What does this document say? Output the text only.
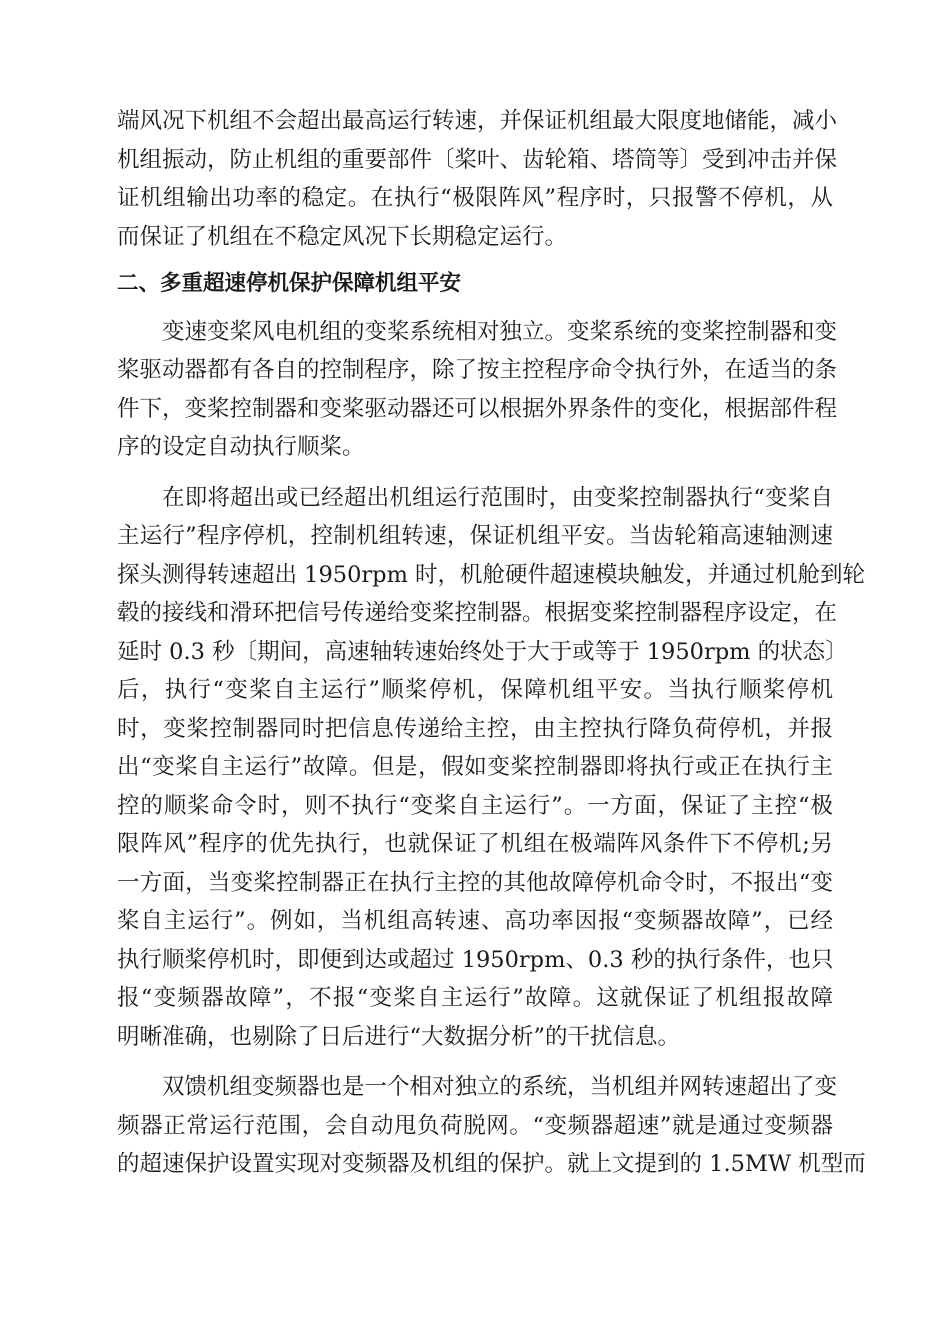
端风况下机组不会超出最高运行转速，并保证机组最大限度地储能，减小
机组振动，防止机组的重要部件〔桨叶、齿轮箱、塔筒等〕受到冲击并保
证机组输出功率的稳定。在执行“极限阵风”程序时，只报警不停机，从
而保证了机组在不稳定风况下长期稳定运行。
二、多重超速停机保护保障机组平安
变速变桨风电机组的变桨系统相对独立。变桨系统的变桨控制器和变
桨驱动器都有各自的控制程序，除了按主控程序命令执行外，在适当的条
件下，变桨控制器和变桨驱动器还可以根据外界条件的变化，根据部件程
序的设定自动执行顺桨。
在即将超出或已经超出机组运行范围时，由变桨控制器执行“变桨自
主运行”程序停机，控制机组转速，保证机组平安。当齿轮箱高速轴测速
探头测得转速超出 1950rpm 时，机舱硬件超速模块触发，并通过机舱到轮
毂的接线和滑环把信号传递给变桨控制器。根据变桨控制器程序设定，在
延时 0.3 秒〔期间，高速轴转速始终处于大于或等于 1950rpm 的状态〕
后，执行“变桨自主运行”顺桨停机，保障机组平安。当执行顺桨停机
时，变桨控制器同时把信息传递给主控，由主控执行降负荷停机，并报
出“变桨自主运行”故障。但是，假如变桨控制器即将执行或正在执行主
控的顺桨命令时，则不执行“变桨自主运行”。一方面，保证了主控“极
限阵风”程序的优先执行，也就保证了机组在极端阵风条件下不停机;另
一方面，当变桨控制器正在执行主控的其他故障停机命令时，不报出“变
桨自主运行”。例如，当机组高转速、高功率因报“变频器故障”，已经
执行顺桨停机时，即便到达或超过 1950rpm、0.3 秒的执行条件，也只
报“变频器故障”，不报“变桨自主运行”故障。这就保证了机组报故障
明晰准确，也剔除了日后进行“大数据分析”的干扰信息。
双馈机组变频器也是一个相对独立的系统，当机组并网转速超出了变
频器正常运行范围，会自动甩负荷脱网。“变频器超速”就是通过变频器
的超速保护设置实现对变频器及机组的保护。就上文提到的 1.5MW 机型而
